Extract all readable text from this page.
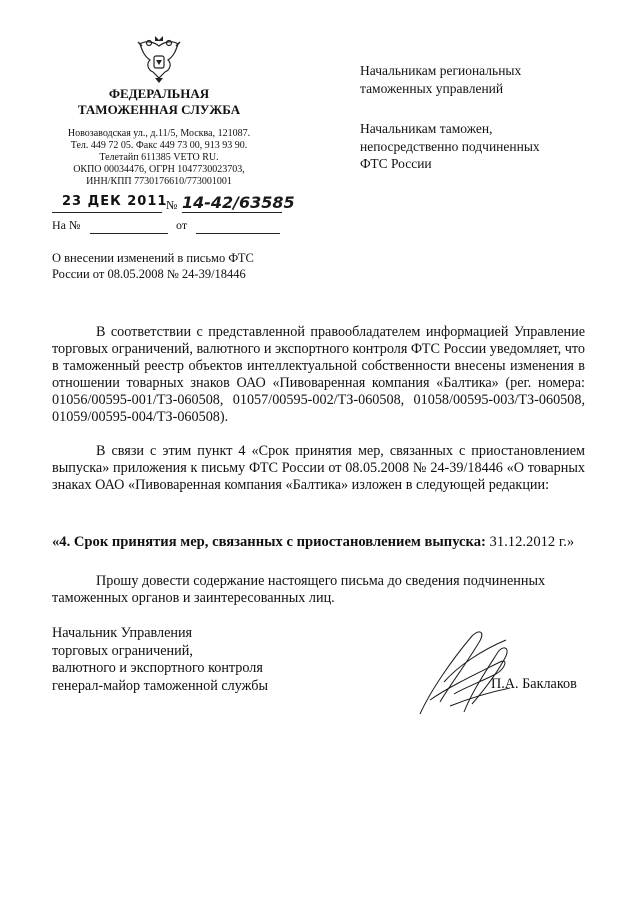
ФЕДЕРАЛЬНАЯ
ТАМОЖЕННАЯ СЛУЖБА
Новозаводская ул., д.11/5, Москва, 121087.
Тел. 449 72 05. Факс 449 73 00, 913 93 90.
Телетайп 611385 VETO RU.
ОКПО 00034476, ОГРН 1047730023703,
ИНН/КПП 7730176610/773001001
23 ДЕК 2011
№ 14-42/63585
На №	от
О внесении изменений в письмо ФТС
России от 08.05.2008 № 24-39/18446
Начальникам региональных
таможенных управлений
Начальникам таможен,
непосредственно подчиненных
ФТС России

В соответствии с представленной правообладателем информацией Управление торговых ограничений, валютного и экспортного контроля ФТС России уведомляет, что в таможенный реестр объектов интеллектуальной собственности внесены изменения в отношении товарных знаков ОАО «Пивоваренная компания «Балтика» (рег. номера: 01056/00595-001/ТЗ-060508, 01057/00595-002/ТЗ-060508, 01058/00595-003/ТЗ-060508, 01059/00595-004/ТЗ-060508).

В связи с этим пункт 4 «Срок принятия мер, связанных с приостановлением выпуска» приложения к письму ФТС России от 08.05.2008 № 24-39/18446 «О товарных знаках ОАО «Пивоваренная компания «Балтика» изложен в следующей редакции:

«4. Срок принятия мер, связанных с приостановлением выпуска: 31.12.2012 г.»

Прошу довести содержание настоящего письма до сведения подчиненных таможенных органов и заинтересованных лиц.

Начальник Управления
торговых ограничений,
валютного и экспортного контроля
генерал-майор таможенной службы	П.А. Баклаков
